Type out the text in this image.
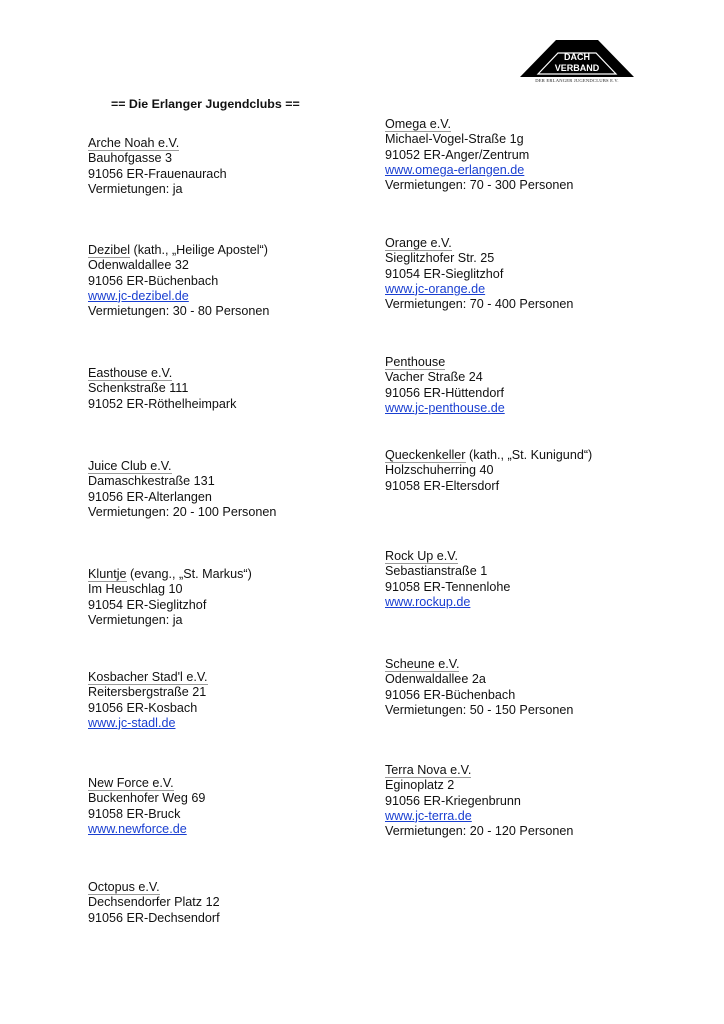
DACH
VERBAND
DER ERLANGER JUGENDCLUBS E.V.
== Die Erlanger Jugendclubs ==
Arche Noah e.V.
Bauhofgasse 3
91056 ER-Frauenaurach
Vermietungen: ja
Dezibel (kath., „Heilige Apostel“)
Odenwaldallee 32
91056 ER-Büchenbach
www.jc-dezibel.de
Vermietungen: 30 - 80 Personen
Easthouse e.V.
Schenkstraße 111
91052 ER-Röthelheimpark
Juice Club e.V.
Damaschkestraße 131
91056 ER-Alterlangen
Vermietungen: 20 - 100 Personen
Kluntje (evang., „St. Markus“)
Im Heuschlag 10
91054 ER-Sieglitzhof
Vermietungen: ja
Kosbacher Stad'l e.V.
Reitersbergstraße 21
91056 ER-Kosbach
www.jc-stadl.de
New Force e.V.
Buckenhofer Weg 69
91058 ER-Bruck
www.newforce.de
Octopus e.V.
Dechsendorfer Platz 12
91056 ER-Dechsendorf
Omega e.V.
Michael-Vogel-Straße 1g
91052 ER-Anger/Zentrum
www.omega-erlangen.de
Vermietungen: 70 - 300 Personen
Orange e.V.
Sieglitzhofer Str. 25
91054 ER-Sieglitzhof
www.jc-orange.de
Vermietungen: 70 - 400 Personen
Penthouse
Vacher Straße 24
91056 ER-Hüttendorf
www.jc-penthouse.de
Queckenkeller (kath., „St. Kunigund“)
Holzschuherring 40
91058 ER-Eltersdorf
Rock Up e.V.
Sebastianstraße 1
91058 ER-Tennenlohe
www.rockup.de
Scheune e.V.
Odenwaldallee 2a
91056 ER-Büchenbach
Vermietungen: 50 - 150 Personen
Terra Nova e.V.
Eginoplatz 2
91056 ER-Kriegenbrunn
www.jc-terra.de
Vermietungen: 20 - 120 Personen
